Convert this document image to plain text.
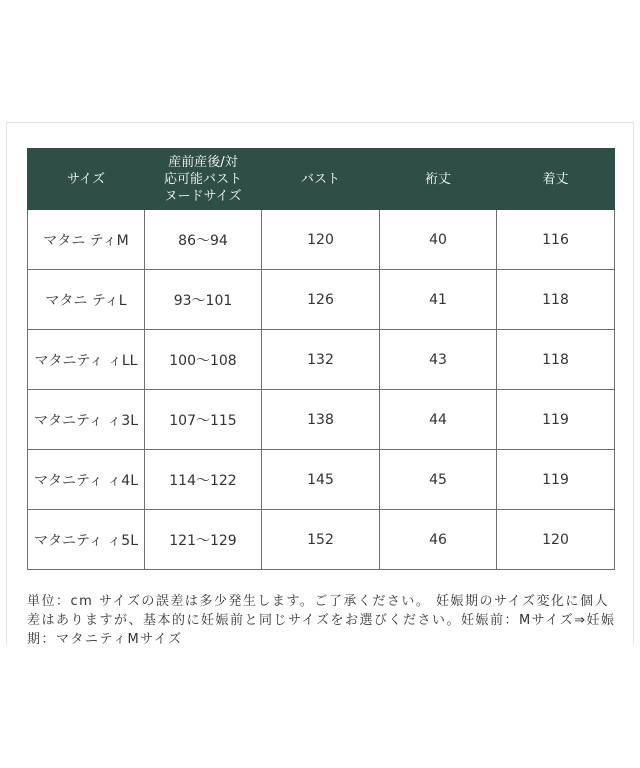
サイズ	産前産後/対
応可能バスト
ヌードサイズ	バスト	裄丈	着丈
マタニ ティM	86～94	120	40	116
マタニ ティL	93～101	126	41	118
マタニティ ィLL	100～108	132	43	118
マタニティ ィ3L	107～115	138	44	119
マタニティ ィ4L	114～122	145	45	119
マタニティ ィ5L	121～129	152	46	120
単位：cm サイズの誤差は多少発生します。ご了承ください。 妊娠期のサイズ変化に個人差はありますが、基本的に妊娠前と同じサイズをお選びください。妊娠前：Mサイズ⇒妊娠期：マタニティMサイズ
